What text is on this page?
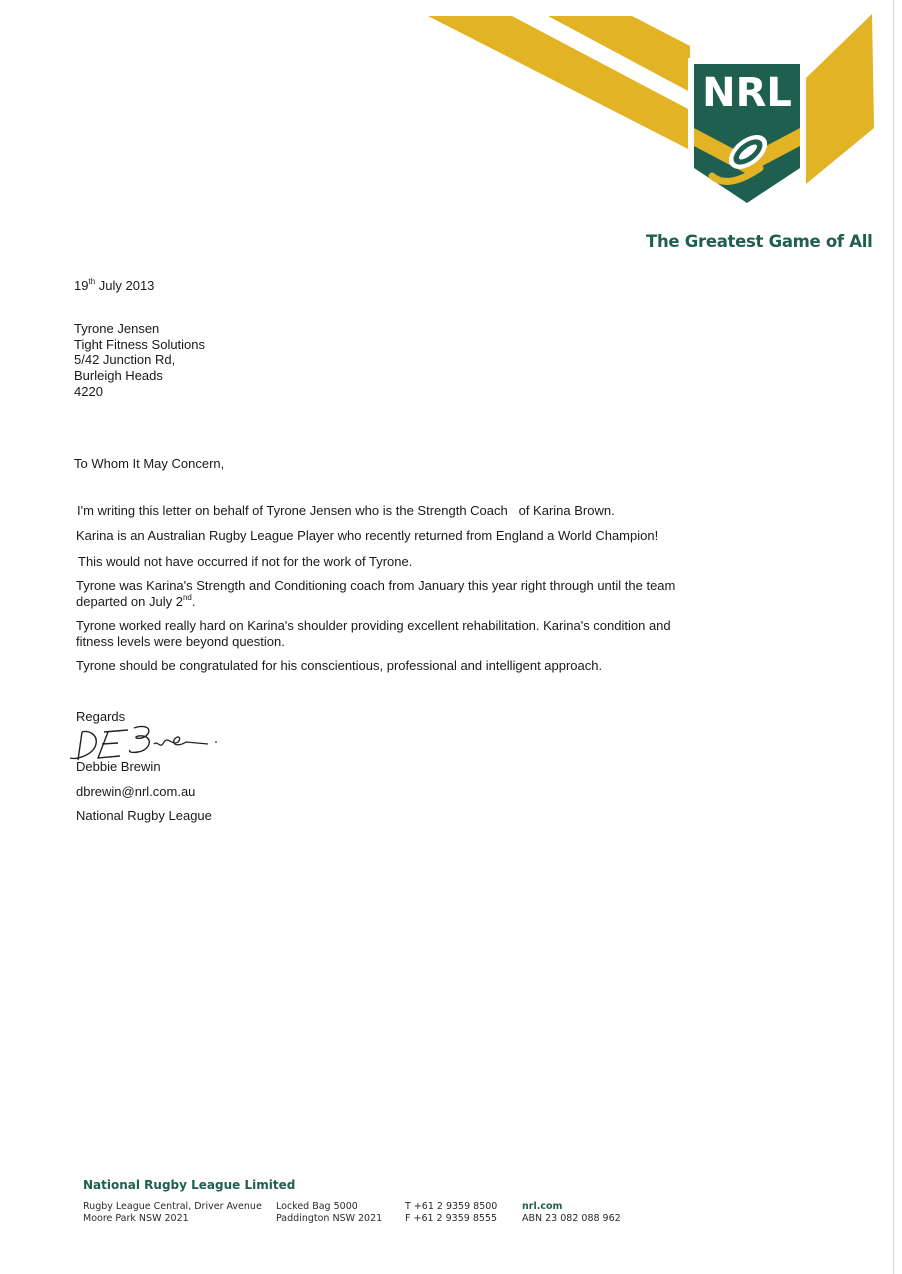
NRL
The Greatest Game of All
19th July 2013
Tyrone Jensen
Tight Fitness Solutions
5/42 Junction Rd,
Burleigh Heads
4220
To Whom It May Concern,
I'm writing this letter on behalf of Tyrone Jensen who is the Strength Coach   of Karina Brown.
Karina is an Australian Rugby League Player who recently returned from England a World Champion!
This would not have occurred if not for the work of Tyrone.
Tyrone was Karina's Strength and Conditioning coach from January this year right through until the team
departed on July 2nd.
Tyrone worked really hard on Karina's shoulder providing excellent rehabilitation. Karina's condition and
fitness levels were beyond question.
Tyrone should be congratulated for his conscientious, professional and intelligent approach.
Regards
Debbie Brewin
dbrewin@nrl.com.au
National Rugby League
National Rugby League Limited
Rugby League Central, Driver Avenue
Moore Park NSW 2021
Locked Bag 5000
Paddington NSW 2021
T +61 2 9359 8500
F +61 2 9359 8555
nrl.com
ABN 23 082 088 962
